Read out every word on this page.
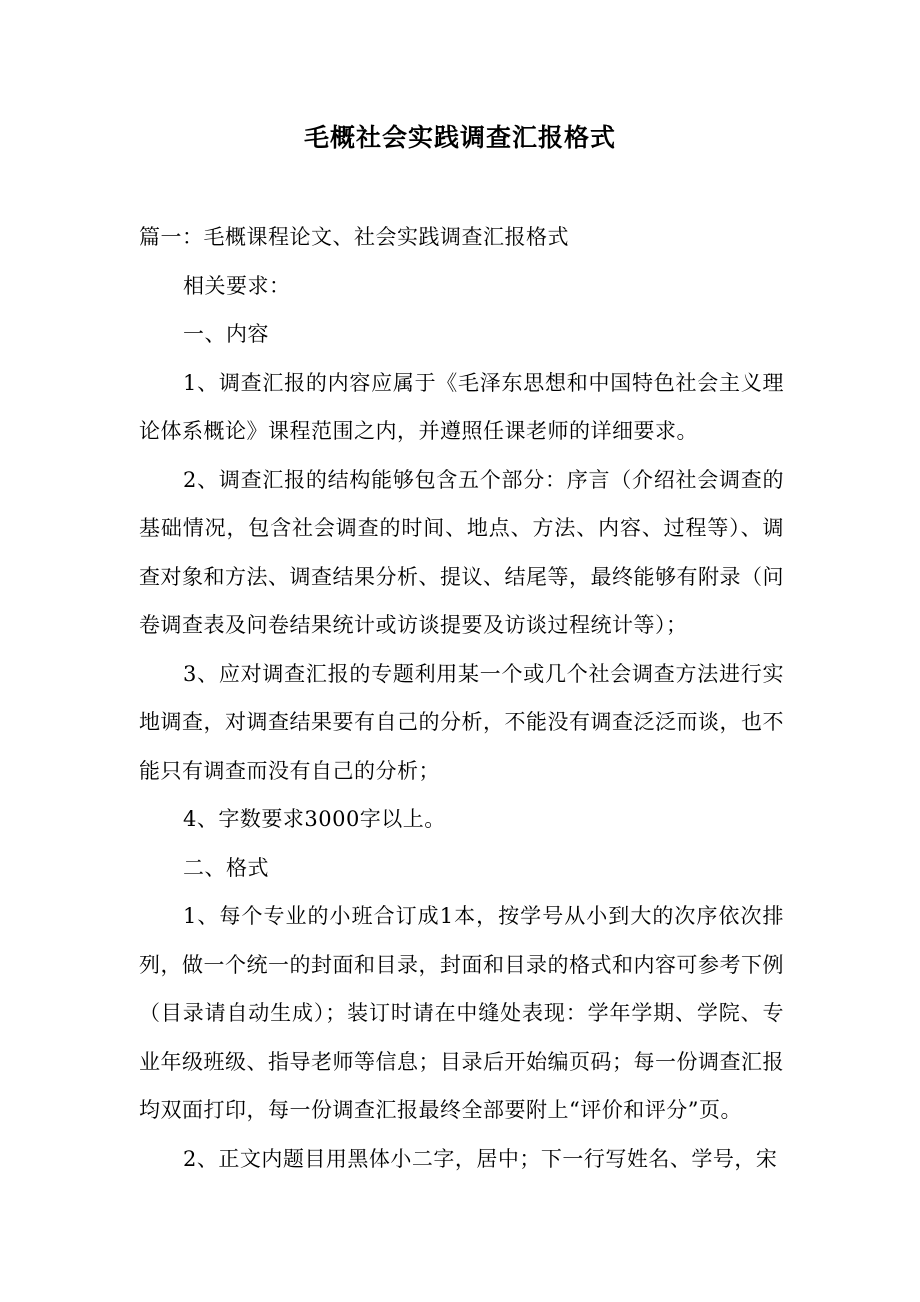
毛概社会实践调查汇报格式

篇一：毛概课程论文、社会实践调查汇报格式

相关要求：

一、内容

1、调查汇报的内容应属于《毛泽东思想和中国特色社会主义理论体系概论》课程范围之内，并遵照任课老师的详细要求。

2、调查汇报的结构能够包含五个部分：序言（介绍社会调查的基础情况，包含社会调查的时间、地点、方法、内容、过程等）、调查对象和方法、调查结果分析、提议、结尾等，最终能够有附录（问卷调查表及问卷结果统计或访谈提要及访谈过程统计等）；

3、应对调查汇报的专题利用某一个或几个社会调查方法进行实地调查，对调查结果要有自己的分析，不能没有调查泛泛而谈，也不能只有调查而没有自己的分析；

4、字数要求3000字以上。

二、格式

1、每个专业的小班合订成1本，按学号从小到大的次序依次排列，做一个统一的封面和目录，封面和目录的格式和内容可参考下例（目录请自动生成）；装订时请在中缝处表现：学年学期、学院、专业年级班级、指导老师等信息；目录后开始编页码；每一份调查汇报均双面打印，每一份调查汇报最终全部要附上“评价和评分”页。

2、正文内题目用黑体小二字，居中；下一行写姓名、学号，宋
